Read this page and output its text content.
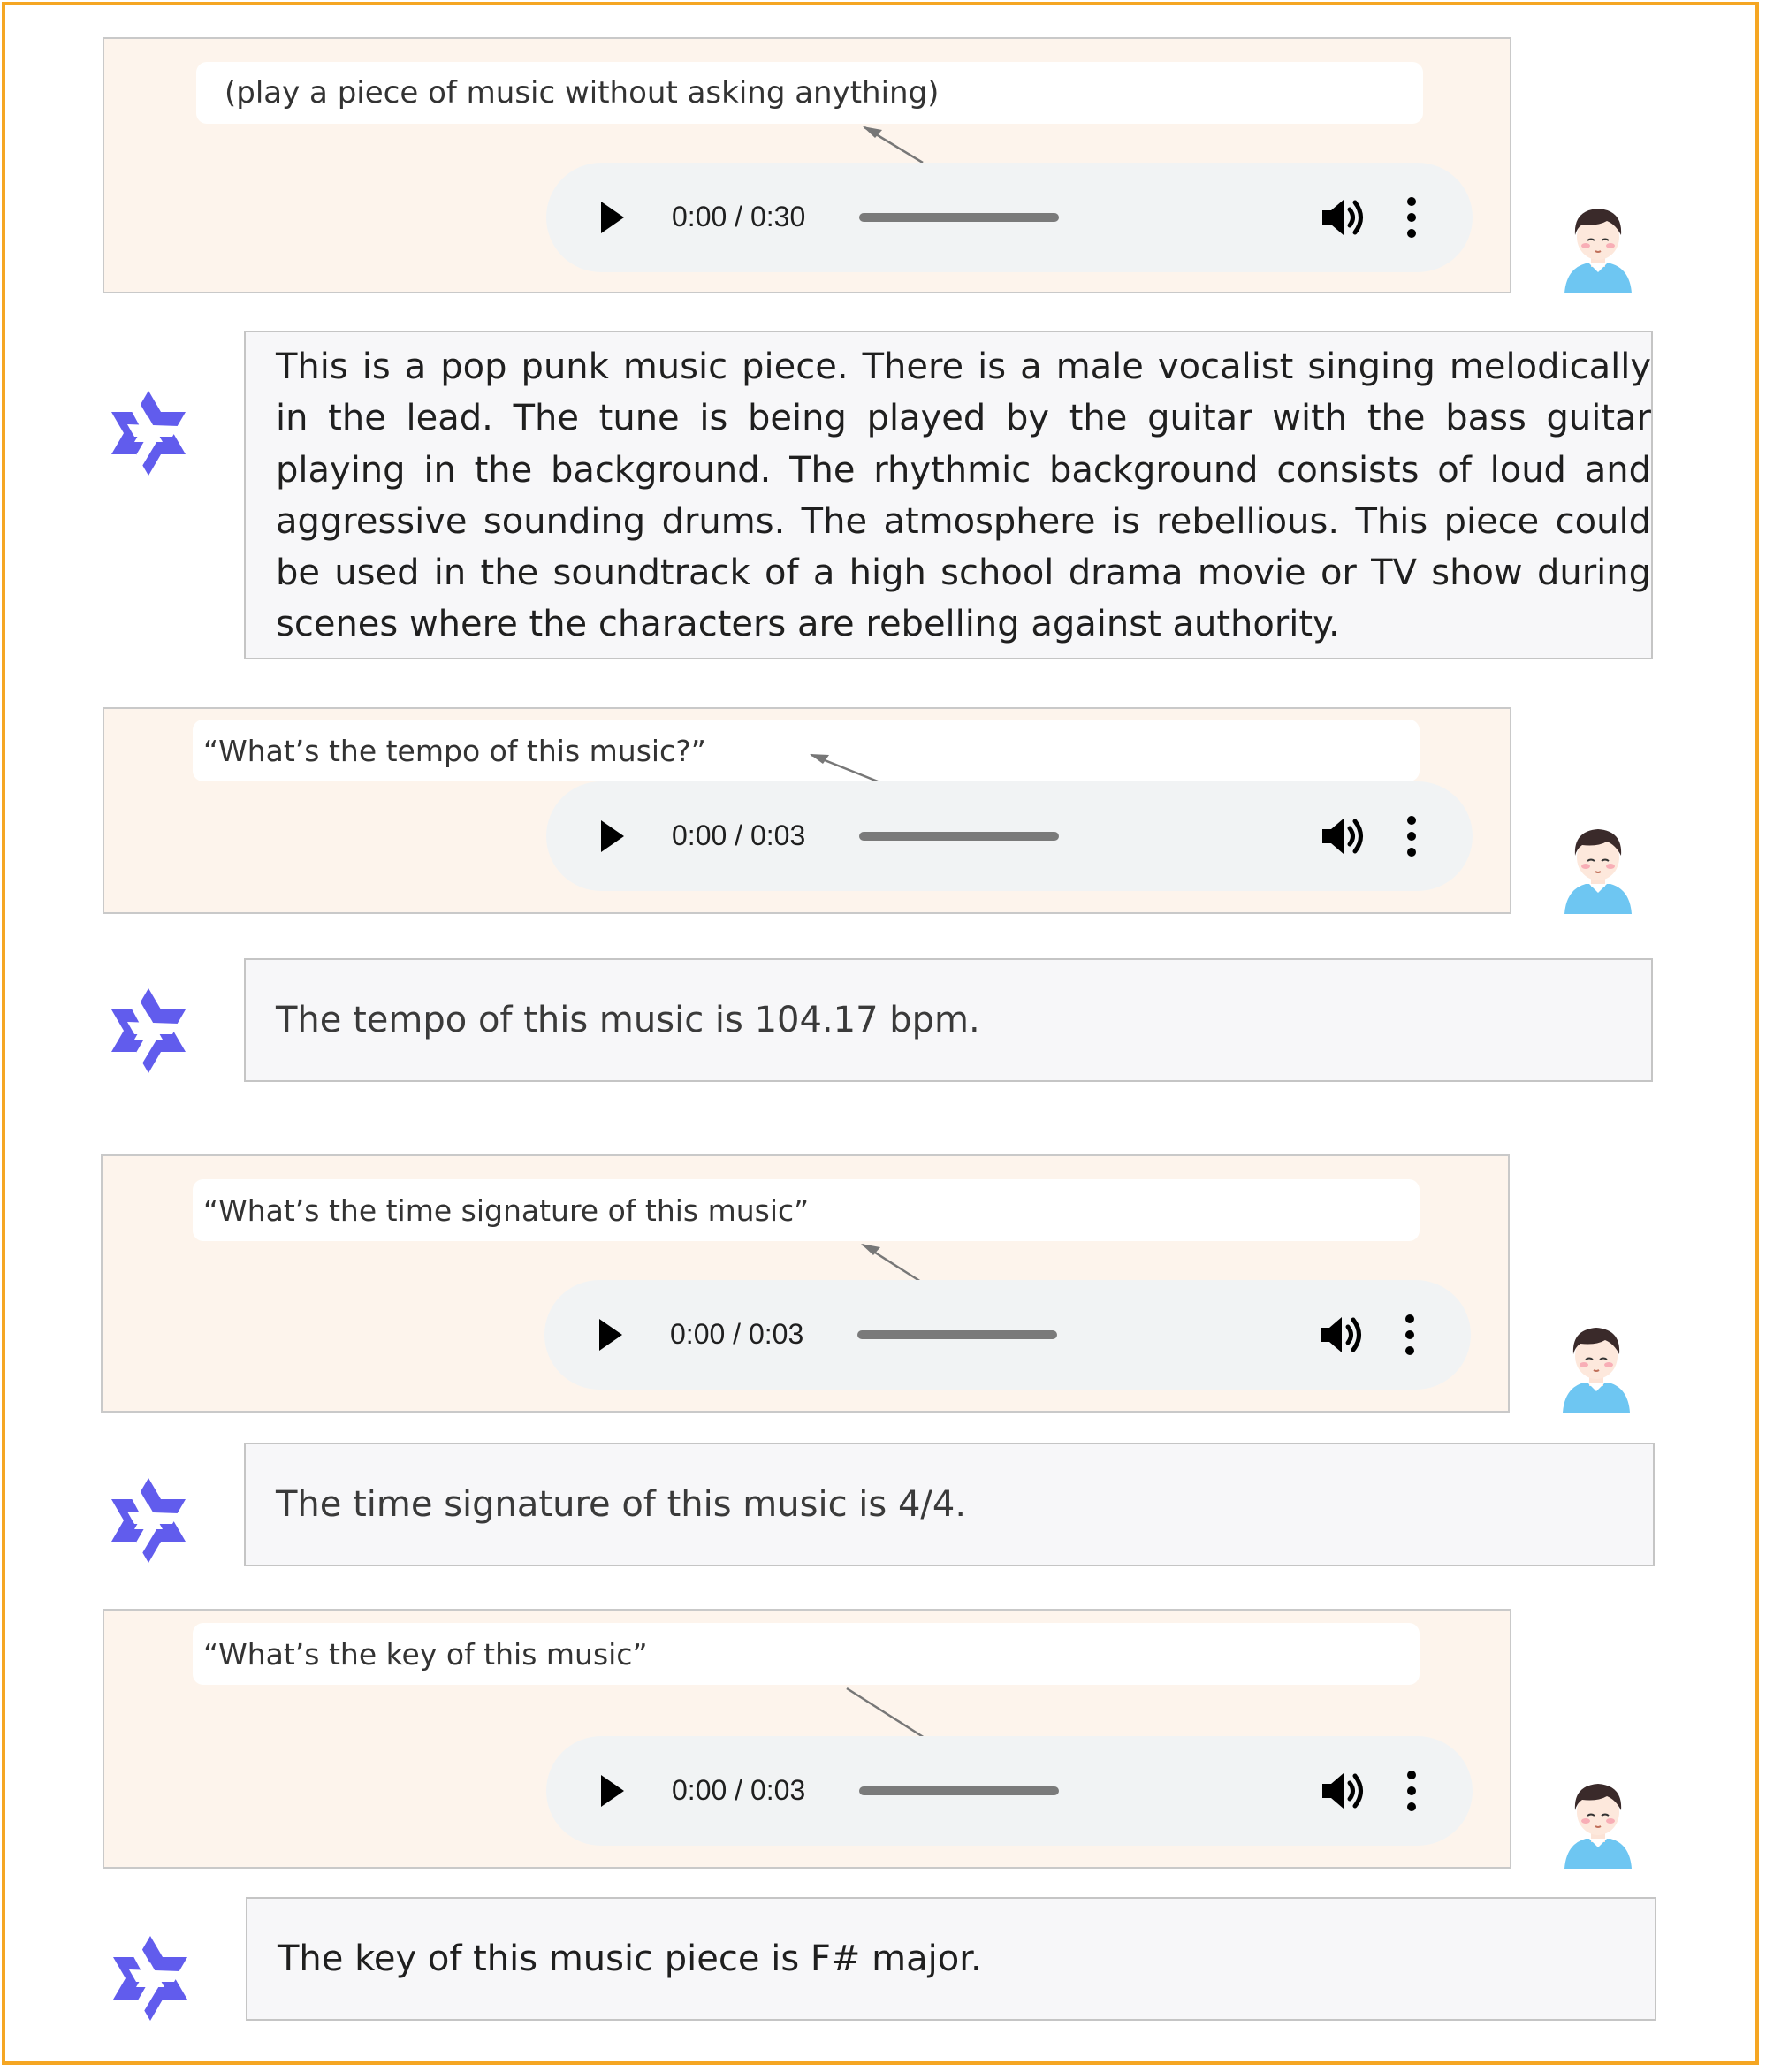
(play a piece of music without asking anything)
0:00 / 0:30
This is a pop punk music piece. There is a male vocalist singing melodically in the lead. The tune is being played by the guitar with the bass guitar playing in the background. The rhythmic background consists of loud and aggressive sounding drums. The atmosphere is rebellious. This piece could be used in the soundtrack of a high school drama movie or TV show during scenes where the characters are rebelling against authority.
“What’s the tempo of this music?”
0:00 / 0:03
The tempo of this music is 104.17 bpm.
“What’s the time signature of this music”
0:00 / 0:03
The time signature of this music is 4/4.
“What’s the key of this music”
0:00 / 0:03
The key of this music piece is F# major.
